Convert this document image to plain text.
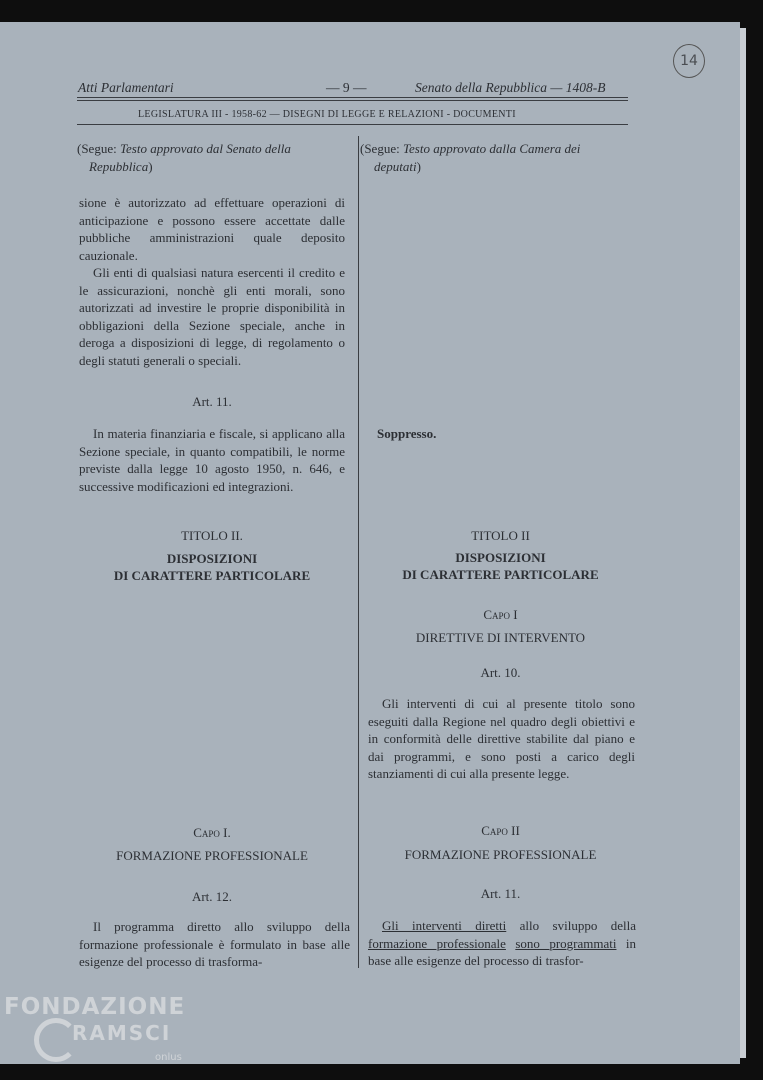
Atti Parlamentari	— 9 —	Senato della Repubblica — 1408-B
LEGISLATURA III - 1958-62 — DISEGNI DI LEGGE E RELAZIONI - DOCUMENTI
14
(Segue: Testo approvato dal Senato della
Repubblica)

sione è autorizzato ad effettuare operazioni di anticipazione e possono essere accettate dalle pubbliche amministrazioni quale deposito cauzionale.

Gli enti di qualsiasi natura esercenti il credito e le assicurazioni, nonchè gli enti morali, sono autorizzati ad investire le proprie disponibilità in obbligazioni della Sezione speciale, anche in deroga a disposizioni di legge, di regolamento o degli statuti generali o speciali.

Art. 11.

In materia finanziaria e fiscale, si applicano alla Sezione speciale, in quanto compatibili, le norme previste dalla legge 10 agosto 1950, n. 646, e successive modificazioni ed integrazioni.

TITOLO II.
DISPOSIZIONI
DI CARATTERE PARTICOLARE
Capo I.
FORMAZIONE PROFESSIONALE
Art. 12.

Il programma diretto allo sviluppo della formazione professionale è formulato in base alle esigenze del processo di trasforma-

(Segue: Testo approvato dalla Camera dei
deputati)
Soppresso.
TITOLO II
DISPOSIZIONI
DI CARATTERE PARTICOLARE
Capo I
DIRETTIVE DI INTERVENTO
Art. 10.

Gli interventi di cui al presente titolo sono eseguiti dalla Regione nel quadro degli obiettivi e in conformità delle direttive stabilite dal piano e dai programmi, e sono posti a carico degli stanziamenti di cui alla presente legge.

Capo II
FORMAZIONE PROFESSIONALE
Art. 11.

Gli interventi diretti allo sviluppo della formazione professionale sono programmati in base alle esigenze del processo di trasfor-

FONDAZIONE
RAMSCI
onlus
